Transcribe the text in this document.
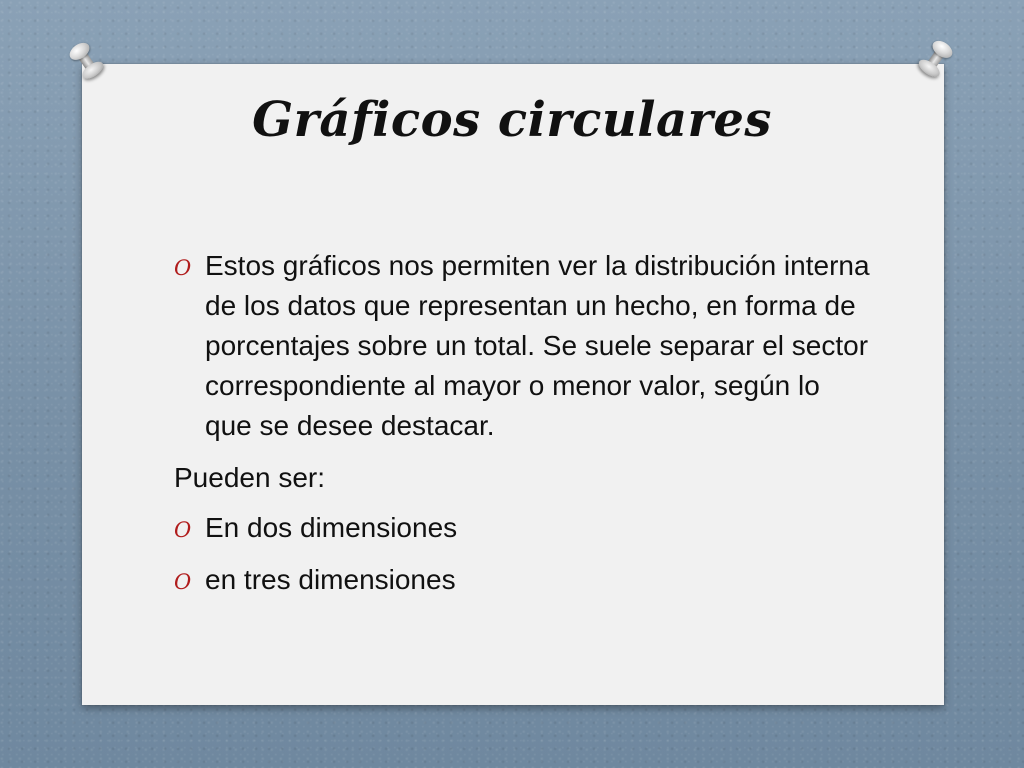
Gráficos circulares
O Estos gráficos nos permiten ver la distribución interna de los datos que representan un hecho, en forma de porcentajes sobre un total. Se suele separar el sector correspondiente al mayor o menor valor, según lo que se desee destacar.
Pueden ser:
O En dos dimensiones
O en tres dimensiones
